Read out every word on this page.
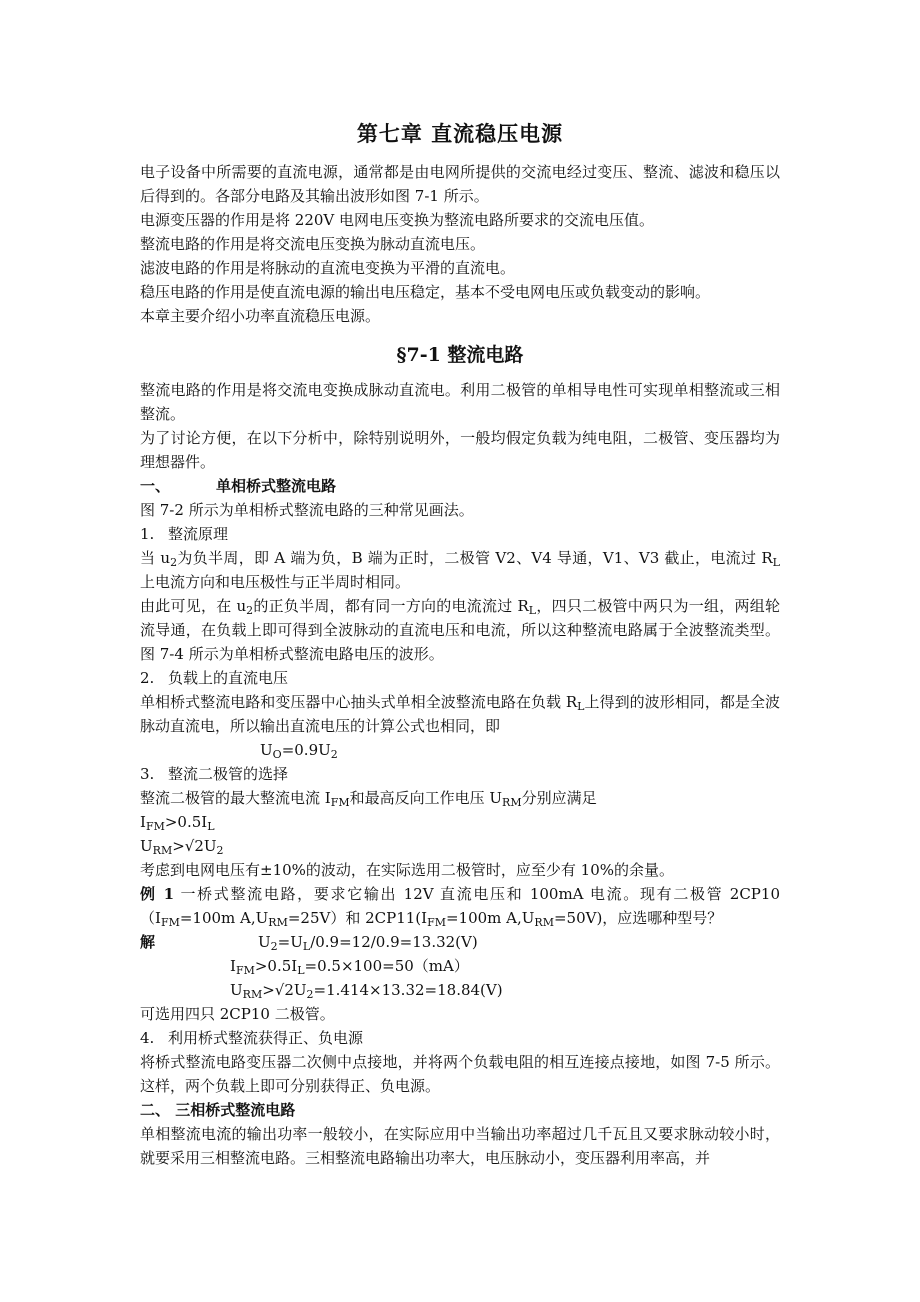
第七章 直流稳压电源

电子设备中所需要的直流电源，通常都是由电网所提供的交流电经过变压、整流、滤波和稳压以后得到的。各部分电路及其输出波形如图 7-1 所示。

电源变压器的作用是将 220V 电网电压变换为整流电路所要求的交流电压值。

整流电路的作用是将交流电压变换为脉动直流电压。

滤波电路的作用是将脉动的直流电变换为平滑的直流电。

稳压电路的作用是使直流电源的输出电压稳定，基本不受电网电压或负载变动的影响。

本章主要介绍小功率直流稳压电源。

§7-1 整流电路

整流电路的作用是将交流电变换成脉动直流电。利用二极管的单相导电性可实现单相整流或三相整流。

为了讨论方便，在以下分析中，除特别说明外，一般均假定负载为纯电阻，二极管、变压器均为理想器件。

一、	单相桥式整流电路

图 7-2 所示为单相桥式整流电路的三种常见画法。

1. 整流原理

当 $u_2$为负半周，即 A 端为负，B 端为正时，二极管 V2、V4 导通，V1、V3 截止，电流过 $R_L$上电流方向和电压极性与正半周时相同。

由此可见，在 $u_2$的正负半周，都有同一方向的电流流过 $R_L$，四只二极管中两只为一组，两组轮流导通，在负载上即可得到全波脉动的直流电压和电流，所以这种整流电路属于全波整流类型。图 7-4 所示为单相桥式整流电路电压的波形。

2. 负载上的直流电压

单相桥式整流电路和变压器中心抽头式单相全波整流电路在负载 $R_L$上得到的波形相同，都是全波脉动直流电，所以输出直流电压的计算公式也相同，即

$U_O=0.9U_2$

3. 整流二极管的选择

整流二极管的最大整流电流 $I_{FM}$和最高反向工作电压 $U_{RM}$分别应满足

$I_{FM}>0.5I_L$

$U_{RM}>√2U_2$

考虑到电网电压有±10%的波动，在实际选用二极管时，应至少有 10%的余量。

例 1 一桥式整流电路，要求它输出 12V 直流电压和 100mA 电流。现有二极管 $2CP10(I_{FM}=100m$ $A,U_{RM}=25V$）和 $2CP11(I_{FM}=100m$ $A,U_{RM}=50V$)，应选哪种型号？

解	$U_2=U_L/0.9=12/0.9=13.32(V)$

$I_{FM}>0.5I_L=0.5\times 100=50(mA)$

$U_{RM}>√2U_2=1.414\times 13.32=18.84(V)$

可选用四只 2CP10 二极管。

4. 利用桥式整流获得正、负电源

将桥式整流电路变压器二次侧中点接地，并将两个负载电阻的相互连接点接地，如图 7-5 所示。这样，两个负载上即可分别获得正、负电源。

二、 三相桥式整流电路

单相整流电流的输出功率一般较小，在实际应用中当输出功率超过几千瓦且又要求脉动较小时，就要采用三相整流电路。三相整流电路输出功率大，电压脉动小，变压器利用率高，并
